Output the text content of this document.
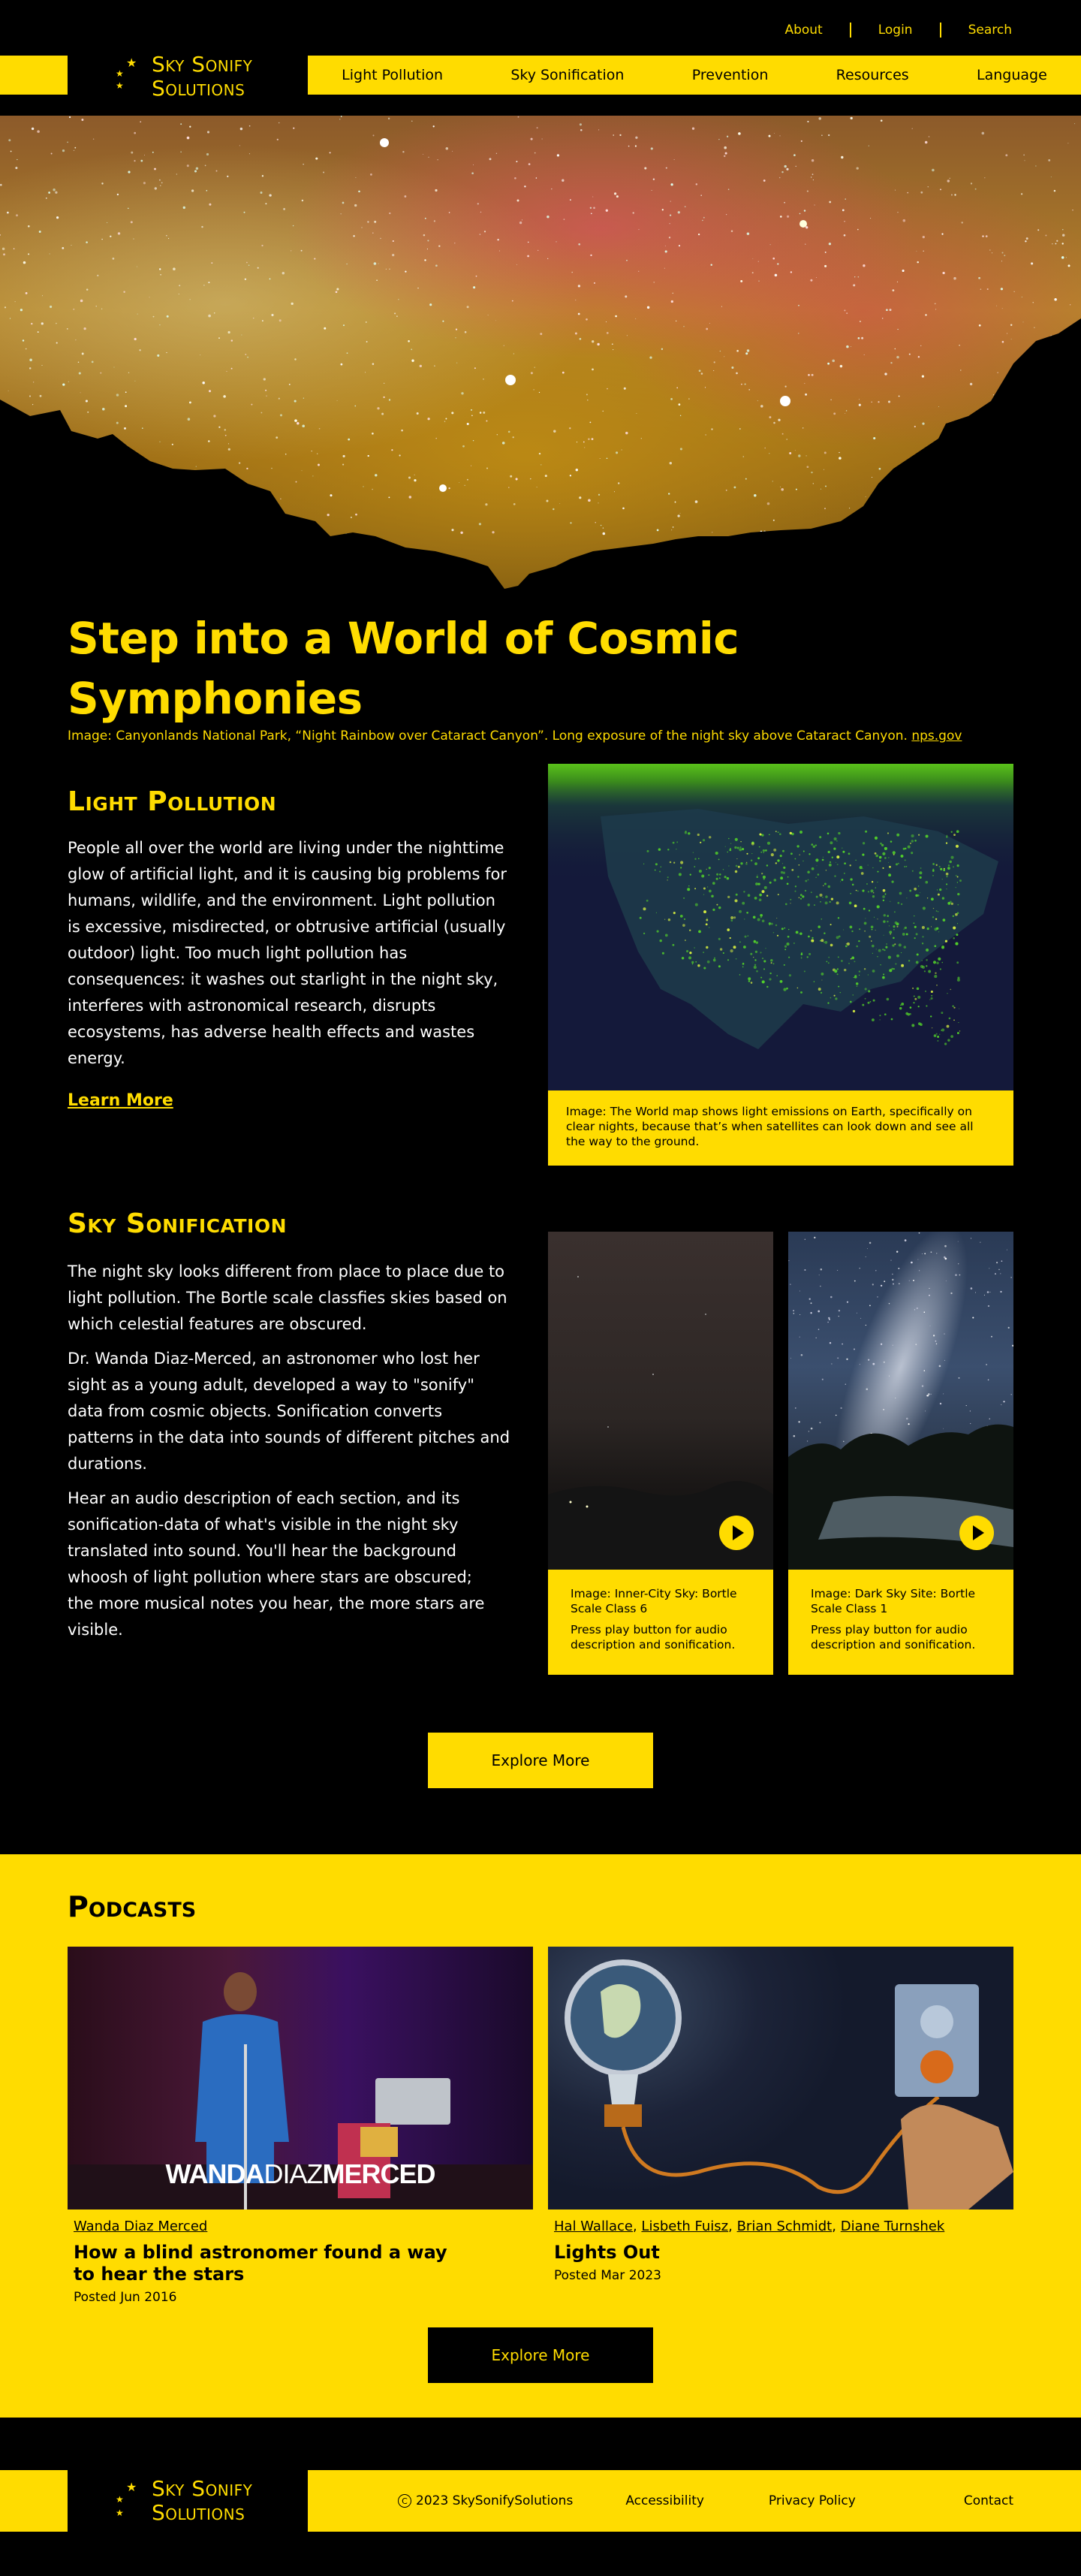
About	Login	Search
★
★
★
Sky Sonify
Solutions
Light Pollution	Sky Sonification	Prevention	Resources	Language
Step into a World of Cosmic Symphonies

Image: Canyonlands National Park, “Night Rainbow over Cataract Canyon”. Long exposure of the night sky above Cataract Canyon. nps.gov

Light Pollution

People all over the world are living under the nighttime glow of artificial light, and it is causing big problems for humans, wildlife, and the environment. Light pollution is excessive, misdirected, or obtrusive artificial (usually outdoor) light. Too much light pollution has consequences: it washes out starlight in the night sky, interferes with astronomical research, disrupts ecosystems, has adverse health effects and wastes energy.

Learn More
Image: The World map shows light emissions on Earth, specifically on clear nights, because that’s when satellites can look down and see all the way to the ground.
Sky Sonification

The night sky looks different from place to place due to light pollution. The Bortle scale classfies skies based on which celestial features are obscured.

Dr. Wanda Diaz-Merced, an astronomer who lost her sight as a young adult, developed a way to "sonify" data from cosmic objects. Sonification converts patterns in the data into sounds of different pitches and durations.

Hear an audio description of each section, and its sonification-data of what's visible in the night sky translated into sound. You'll hear the background whoosh of light pollution where stars are obscured; the more musical notes you hear, the more stars are visible.

Image: Inner-City Sky: Bortle Scale Class 6

Press play button for audio description and sonification.

Image: Dark Sky Site: Bortle Scale Class 1

Press play button for audio description and sonification.

Explore More
Podcasts
WANDADIAZMERCED
Wanda Diaz Merced
How a blind astronomer found a way to hear the stars

Posted Jun 2016

Hal Wallace, Lisbeth Fuisz, Brian Schmidt, Diane Turnshek
Lights Out

Posted Mar 2023

Explore More
★
★
★
Sky Sonify
Solutions	C 2023 SkySonifySolutions	Accessibility	Privacy Policy	Contact
